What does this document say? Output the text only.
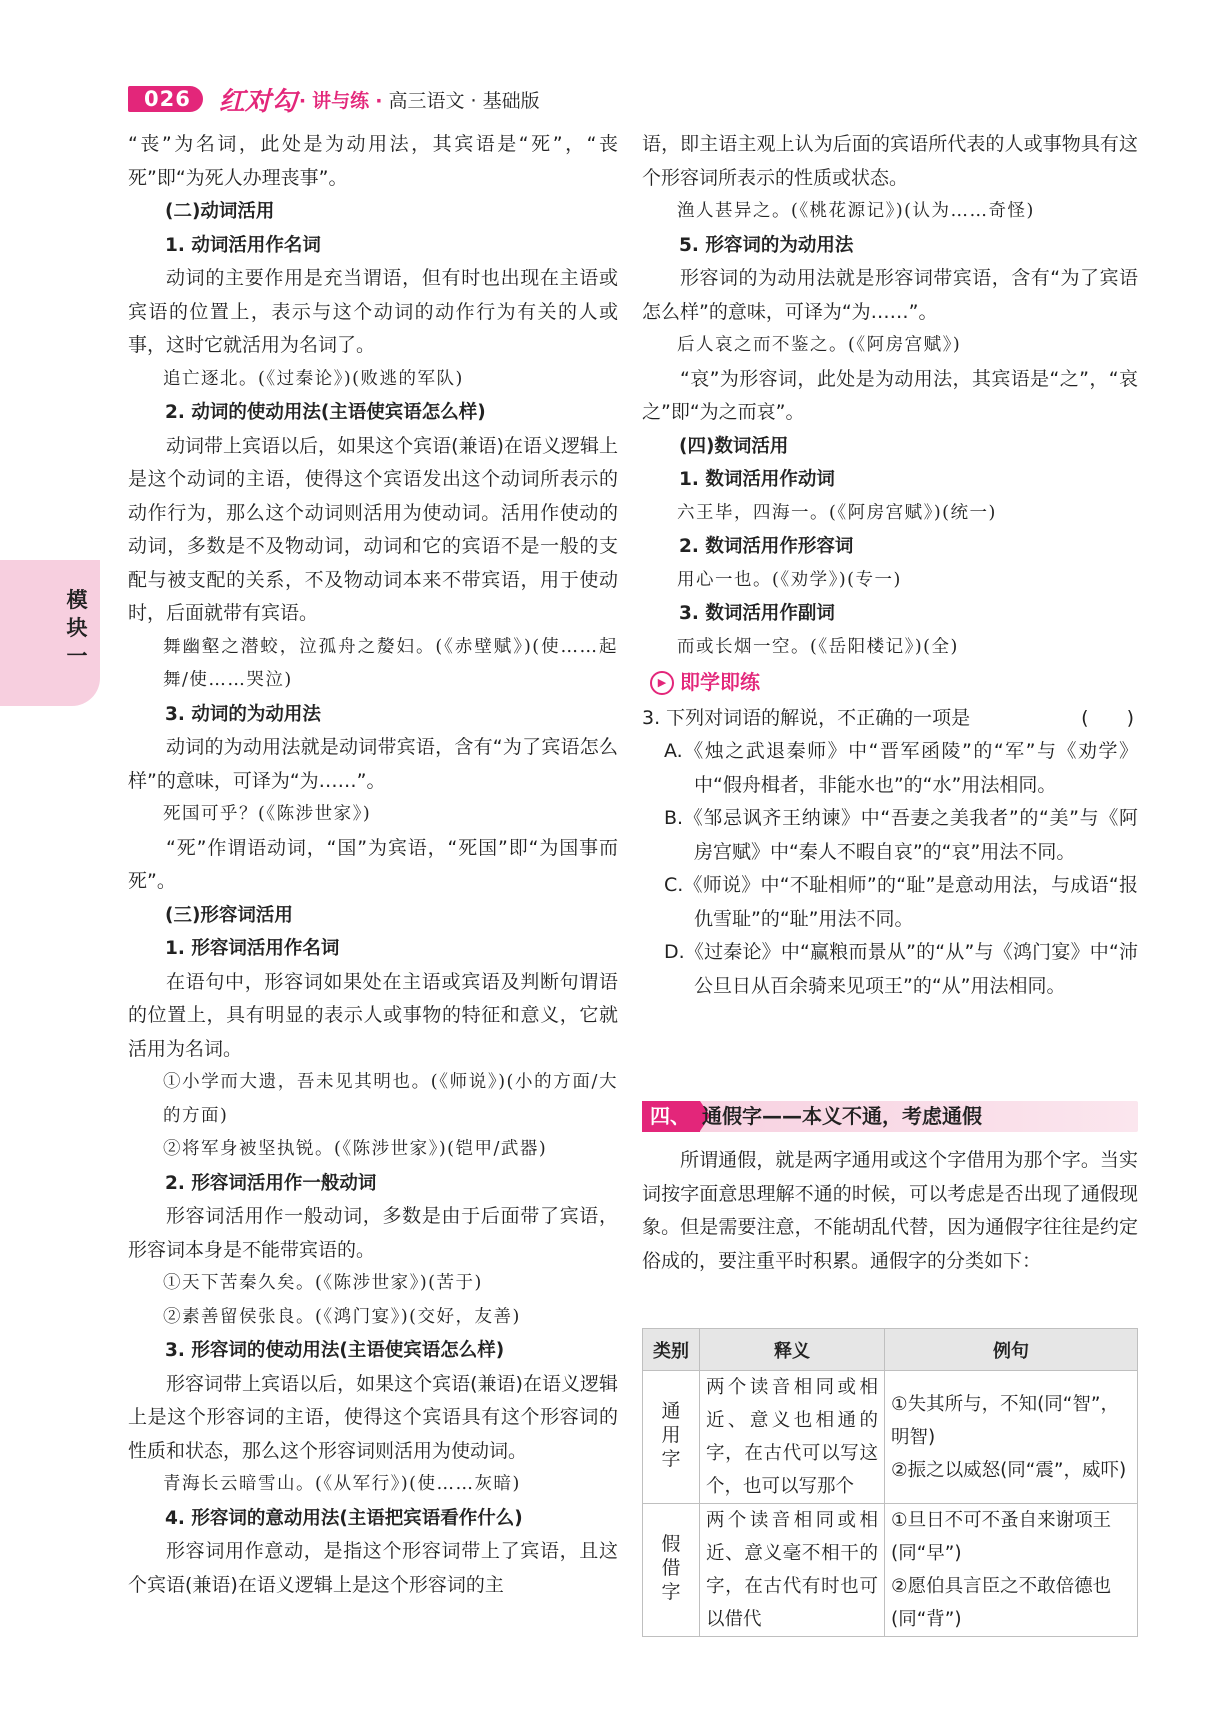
026	红对勾 · 讲与练 · 高三语文 · 基础版
模块一

“丧”为名词，此处是为动用法，其宾语是“死”，“丧死”即“为死人办理丧事”。

(二)动词活用

1. 动词活用作名词

动词的主要作用是充当谓语，但有时也出现在主语或宾语的位置上，表示与这个动词的动作行为有关的人或事，这时它就活用为名词了。

追亡逐北。(《过秦论》)(败逃的军队)

2. 动词的使动用法(主语使宾语怎么样)

动词带上宾语以后，如果这个宾语(兼语)在语义逻辑上是这个动词的主语，使得这个宾语发出这个动词所表示的动作行为，那么这个动词则活用为使动词。活用作使动的动词，多数是不及物动词，动词和它的宾语不是一般的支配与被支配的关系，不及物动词本来不带宾语，用于使动时，后面就带有宾语。

舞幽壑之潜蛟，泣孤舟之嫠妇。(《赤壁赋》)(使……起舞/使……哭泣)

3. 动词的为动用法

动词的为动用法就是动词带宾语，含有“为了宾语怎么样”的意味，可译为“为……”。

死国可乎？(《陈涉世家》)

“死”作谓语动词，“国”为宾语，“死国”即“为国事而死”。

(三)形容词活用

1. 形容词活用作名词

在语句中，形容词如果处在主语或宾语及判断句谓语的位置上，具有明显的表示人或事物的特征和意义，它就活用为名词。

①小学而大遗，吾未见其明也。(《师说》)(小的方面/大的方面)

②将军身被坚执锐。(《陈涉世家》)(铠甲/武器)

2. 形容词活用作一般动词

形容词活用作一般动词，多数是由于后面带了宾语，形容词本身是不能带宾语的。

①天下苦秦久矣。(《陈涉世家》)(苦于)

②素善留侯张良。(《鸿门宴》)(交好，友善)

3. 形容词的使动用法(主语使宾语怎么样)

形容词带上宾语以后，如果这个宾语(兼语)在语义逻辑上是这个形容词的主语，使得这个宾语具有这个形容词的性质和状态，那么这个形容词则活用为使动词。

青海长云暗雪山。(《从军行》)(使……灰暗)

4. 形容词的意动用法(主语把宾语看作什么)

形容词用作意动，是指这个形容词带上了宾语，且这个宾语(兼语)在语义逻辑上是这个形容词的主

语，即主语主观上认为后面的宾语所代表的人或事物具有这个形容词所表示的性质或状态。

渔人甚异之。(《桃花源记》)(认为……奇怪)

5. 形容词的为动用法

形容词的为动用法就是形容词带宾语，含有“为了宾语怎么样”的意味，可译为“为……”。

后人哀之而不鉴之。(《阿房宫赋》)

“哀”为形容词，此处是为动用法，其宾语是“之”，“哀之”即“为之而哀”。

(四)数词活用

1. 数词活用作动词

六王毕，四海一。(《阿房宫赋》)(统一)

2. 数词活用作形容词

用心一也。(《劝学》)(专一)

3. 数词活用作副词

而或长烟一空。(《岳阳楼记》)(全)

▶ 即学即练
3. 下列对词语的解说，不正确的一项是	(　　)

A.《烛之武退秦师》中“晋军函陵”的“军”与《劝学》中“假舟楫者，非能水也”的“水”用法相同。

B.《邹忌讽齐王纳谏》中“吾妻之美我者”的“美”与《阿房宫赋》中“秦人不暇自哀”的“哀”用法不同。

C.《师说》中“不耻相师”的“耻”是意动用法，与成语“报仇雪耻”的“耻”用法不同。

D.《过秦论》中“赢粮而景从”的“从”与《鸿门宴》中“沛公旦日从百余骑来见项王”的“从”用法相同。

四、 通假字——本义不通，考虑通假

所谓通假，就是两字通用或这个字借用为那个字。当实词按字面意思理解不通的时候，可以考虑是否出现了通假现象。但是需要注意，不能胡乱代替，因为通假字往往是约定俗成的，要注重平时积累。通假字的分类如下：

类别	释义	例句
通用字	两个读音相同或相近、意义也相通的字，在古代可以写这个，也可以写那个	①失其所与，不知(同“智”，明智)
②振之以威怒(同“震”，威吓)

假借字	两个读音相同或相近、意义毫不相干的字，在古代有时也可以借代	①旦日不可不蚤自来谢项王(同“早”)
②愿伯具言臣之不敢倍德也(同“背”)
